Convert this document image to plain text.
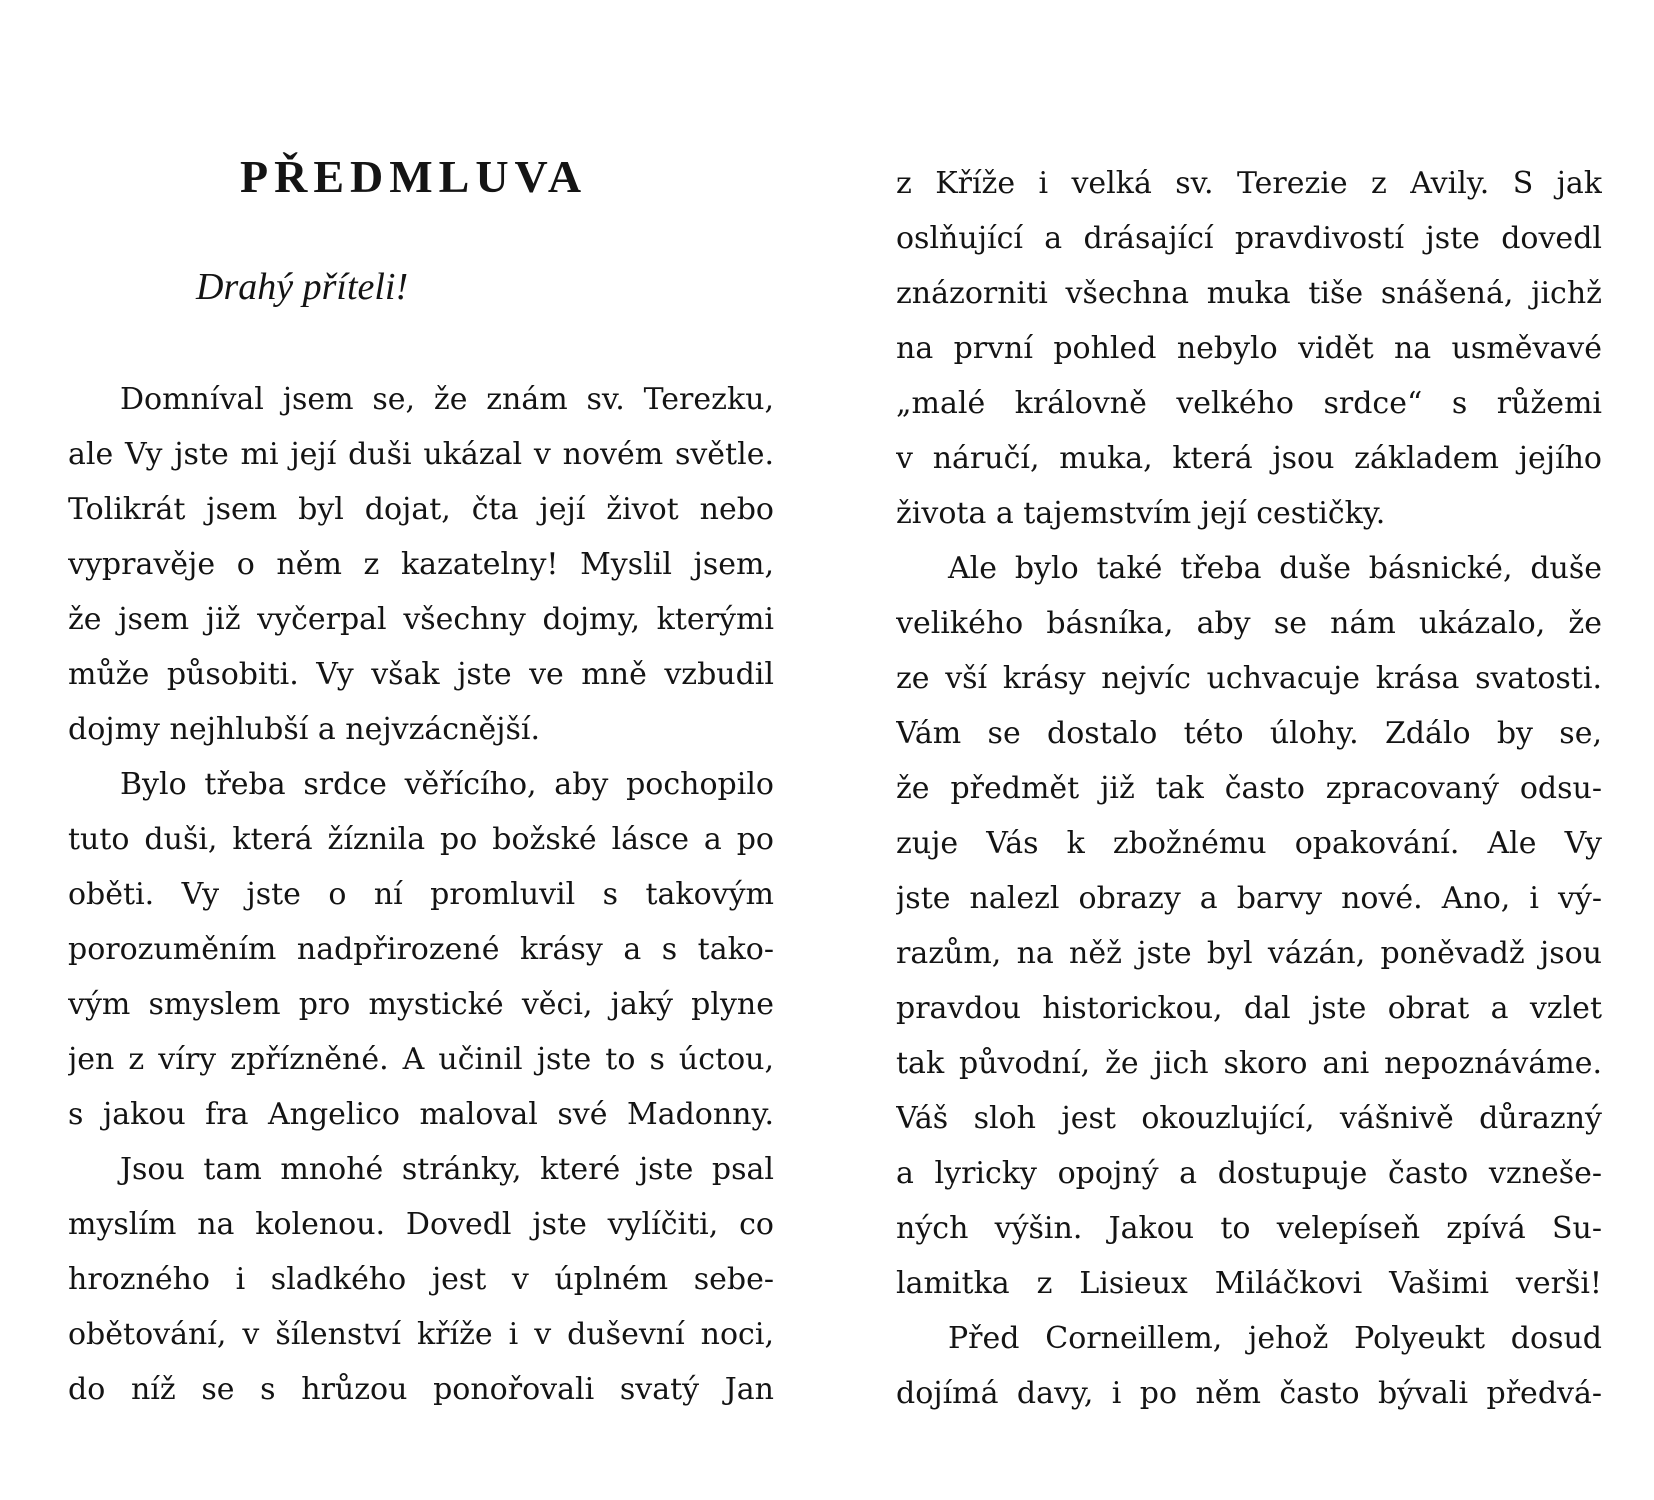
PŘEDMLUVA

Drahý příteli!

Domníval jsem se, že znám sv. Terezku,
ale Vy jste mi její duši ukázal v novém světle.
Tolikrát jsem byl dojat, čta její život nebo
vypravěje o něm z kazatelny! Myslil jsem,
že jsem již vyčerpal všechny dojmy, kterými
může působiti. Vy však jste ve mně vzbudil
dojmy nejhlubší a nejvzácnější.
Bylo třeba srdce věřícího, aby pochopilo
tuto duši, která žíznila po božské lásce a po
oběti. Vy jste o ní promluvil s takovým
porozuměním nadpřirozené krásy a s tako-
vým smyslem pro mystické věci, jaký plyne
jen z víry zpřízněné. A učinil jste to s úctou,
s jakou fra Angelico maloval své Madonny.
Jsou tam mnohé stránky, které jste psal
myslím na kolenou. Dovedl jste vylíčiti, co
hrozného i sladkého jest v úplném sebe-
obětování, v šílenství kříže i v duševní noci,
do níž se s hrůzou ponořovali svatý Jan
z Kříže i velká sv. Terezie z Avily. S jak
oslňující a drásající pravdivostí jste dovedl
znázorniti všechna muka tiše snášená, jichž
na první pohled nebylo vidět na usměvavé
„malé královně velkého srdce“ s růžemi
v náručí, muka, která jsou základem jejího
života a tajemstvím její cestičky.
Ale bylo také třeba duše básnické, duše
velikého básníka, aby se nám ukázalo, že
ze vší krásy nejvíc uchvacuje krása svatosti.
Vám se dostalo této úlohy. Zdálo by se,
že předmět již tak často zpracovaný odsu-
zuje Vás k zbožnému opakování. Ale Vy
jste nalezl obrazy a barvy nové. Ano, i vý-
razům, na něž jste byl vázán, poněvadž jsou
pravdou historickou, dal jste obrat a vzlet
tak původní, že jich skoro ani nepoznáváme.
Váš sloh jest okouzlující, vášnivě důrazný
a lyricky opojný a dostupuje často vzneše-
ných výšin. Jakou to velepíseň zpívá Su-
lamitka z Lisieux Miláčkovi Vašimi verši!
Před Corneillem, jehož Polyeukt dosud
dojímá davy, i po něm často bývali předvá-
